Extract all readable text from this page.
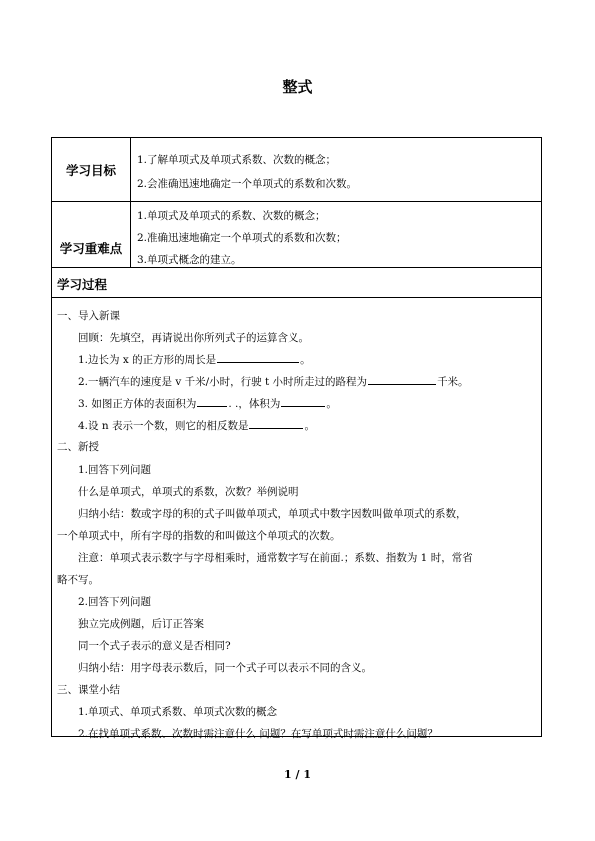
整式
学习目标
1.了解单项式及单项式系数、次数的概念；
2.会准确迅速地确定一个单项式的系数和次数。
学习重难点
1.单项式及单项式的系数、次数的概念；
2.准确迅速地确定一个单项式的系数和次数；
3.单项式概念的建立。
学习过程
一、导入新课
回顾：先填空，再请说出你所列式子的运算含义。
1.边长为 x 的正方形的周长是	。
2.一辆汽车的速度是 v 千米/小时，行驶 t 小时所走过的路程为	千米。
3. 如图正方体的表面积为	. .，体积为	。
4.设 n 表示一个数，则它的相反数是	。
二、新授
1.回答下列问题
什么是单项式，单项式的系数，次数？举例说明
归纳小结：数或字母的积的式子叫做单项式，单项式中数字因数叫做单项式的系数，
一个单项式中，所有字母的指数的和叫做这个单项式的次数。
注意：单项式表示数字与字母相乘时，通常数字写在前面.；系数、指数为 1 时，常省
略不写。
2.回答下列问题
独立完成例题，后订正答案
同一个式子表示的意义是否相同?
归纳小结：用字母表示数后，同一个式子可以表示不同的含义。
三、课堂小结
1.单项式、单项式系数、单项式次数的概念
2.在找单项式系数、次数时需注意什么 问题？在写单项式时需注意什么问题？
1 / 1
